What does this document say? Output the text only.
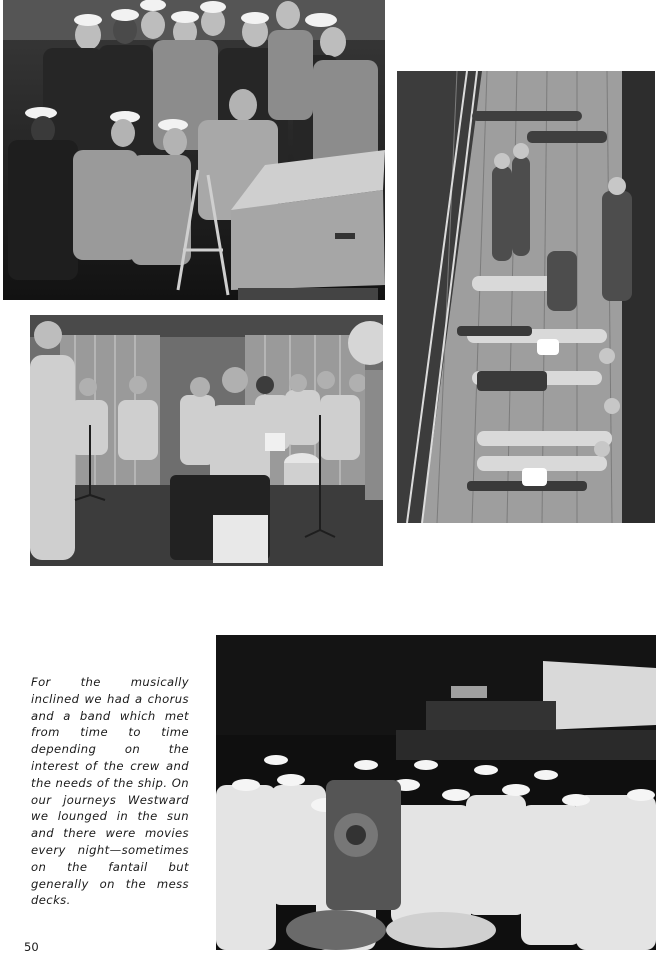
For the musically inclined we had a chorus and a band which met from time to time depending on the interest of the crew and the needs of the ship. On our journeys Westward we lounged in the sun and there were movies every night—sometimes on the fantail but generally on the mess decks.
50
